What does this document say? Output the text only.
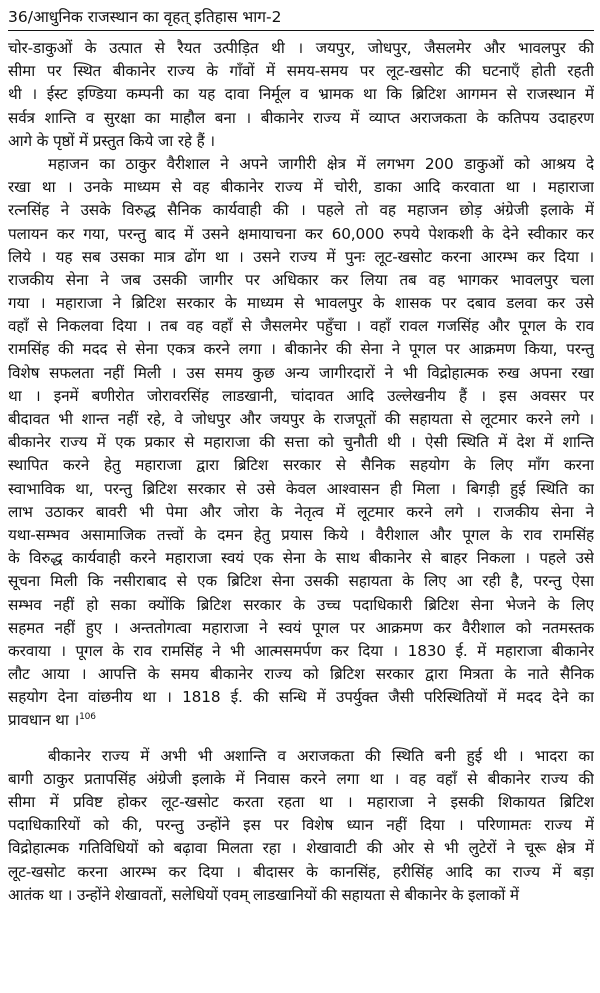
36/आधुनिक राजस्थान का वृहत् इतिहास भाग-2
चोर-डाकुओं के उत्पात से रैयत उत्पीड़ित थी । जयपुर, जोधपुर, जैसलमेर और भावलपुर की
सीमा पर स्थित बीकानेर राज्य के गाँवों में समय-समय पर लूट-खसोट की घटनाएँ होती रहती
थी । ईस्ट इण्डिया कम्पनी का यह दावा निर्मूल व भ्रामक था कि ब्रिटिश आगमन से राजस्थान में
सर्वत्र शान्ति व सुरक्षा का माहौल बना । बीकानेर राज्य में व्याप्त अराजकता के कतिपय उदाहरण
आगे के पृष्ठों में प्रस्तुत किये जा रहे हैं ।
महाजन का ठाकुर वैरीशाल ने अपने जागीरी क्षेत्र में लगभग 200 डाकुओं को आश्रय दे
रखा था । उनके माध्यम से वह बीकानेर राज्य में चोरी, डाका आदि करवाता था । महाराजा
रत्नसिंह ने उसके विरुद्ध सैनिक कार्यवाही की । पहले तो वह महाजन छोड़ अंग्रेजी इलाके में
पलायन कर गया, परन्तु बाद में उसने क्षमायाचना कर 60,000 रुपये पेशकशी के देने स्वीकार कर
लिये । यह सब उसका मात्र ढोंग था । उसने राज्य में पुनः लूट-खसोट करना आरम्भ कर दिया ।
राजकीय सेना ने जब उसकी जागीर पर अधिकार कर लिया तब वह भागकर भावलपुर चला
गया । महाराजा ने ब्रिटिश सरकार के माध्यम से भावलपुर के शासक पर दबाव डलवा कर उसे
वहाँ से निकलवा दिया । तब वह वहाँ से जैसलमेर पहुँचा । वहाँ रावल गजसिंह और पूगल के राव
रामसिंह की मदद से सेना एकत्र करने लगा । बीकानेर की सेना ने पूगल पर आक्रमण किया, परन्तु
विशेष सफलता नहीं मिली । उस समय कुछ अन्य जागीरदारों ने भी विद्रोहात्मक रुख अपना रखा
था । इनमें बणीरोत जोरावरसिंह लाडखानी, चांदावत आदि उल्लेखनीय हैं । इस अवसर पर
बीदावत भी शान्त नहीं रहे, वे जोधपुर और जयपुर के राजपूतों की सहायता से लूटमार करने लगे ।
बीकानेर राज्य में एक प्रकार से महाराजा की सत्ता को चुनौती थी । ऐसी स्थिति में देश में शान्ति
स्थापित करने हेतु महाराजा द्वारा ब्रिटिश सरकार से सैनिक सहयोग के लिए माँग करना
स्वाभाविक था, परन्तु ब्रिटिश सरकार से उसे केवल आश्वासन ही मिला । बिगड़ी हुई स्थिति का
लाभ उठाकर बावरी भी पेमा और जोरा के नेतृत्व में लूटमार करने लगे । राजकीय सेना ने
यथा-सम्भव असामाजिक तत्त्वों के दमन हेतु प्रयास किये । वैरीशाल और पूगल के राव रामसिंह
के विरुद्ध कार्यवाही करने महाराजा स्वयं एक सेना के साथ बीकानेर से बाहर निकला । पहले उसे
सूचना मिली कि नसीराबाद से एक ब्रिटिश सेना उसकी सहायता के लिए आ रही है, परन्तु ऐसा
सम्भव नहीं हो सका क्योंकि ब्रिटिश सरकार के उच्च पदाधिकारी ब्रिटिश सेना भेजने के लिए
सहमत नहीं हुए । अन्ततोगत्वा महाराजा ने स्वयं पूगल पर आक्रमण कर वैरीशाल को नतमस्तक
करवाया । पूगल के राव रामसिंह ने भी आत्मसमर्पण कर दिया । 1830 ई. में महाराजा बीकानेर
लौट आया । आपत्ति के समय बीकानेर राज्य को ब्रिटिश सरकार द्वारा मित्रता के नाते सैनिक
सहयोग देना वांछनीय था । 1818 ई. की सन्धि में उपर्युक्त जैसी परिस्थितियों में मदद देने का
प्रावधान था ।$^{106}$
बीकानेर राज्य में अभी भी अशान्ति व अराजकता की स्थिति बनी हुई थी । भादरा का
बागी ठाकुर प्रतापसिंह अंग्रेजी इलाके में निवास करने लगा था । वह वहाँ से बीकानेर राज्य की
सीमा में प्रविष्ट होकर लूट-खसोट करता रहता था । महाराजा ने इसकी शिकायत ब्रिटिश
पदाधिकारियों को की, परन्तु उन्होंने इस पर विशेष ध्यान नहीं दिया । परिणामतः राज्य में
विद्रोहात्मक गतिविधियों को बढ़ावा मिलता रहा । शेखावाटी की ओर से भी लुटेरों ने चूरू क्षेत्र में
लूट-खसोट करना आरम्भ कर दिया । बीदासर के कानसिंह, हरीसिंह आदि का राज्य में बड़ा
आतंक था । उन्होंने शेखावतों, सलेधियों एवम् लाडखानियों की सहायता से बीकानेर के इलाकों में
